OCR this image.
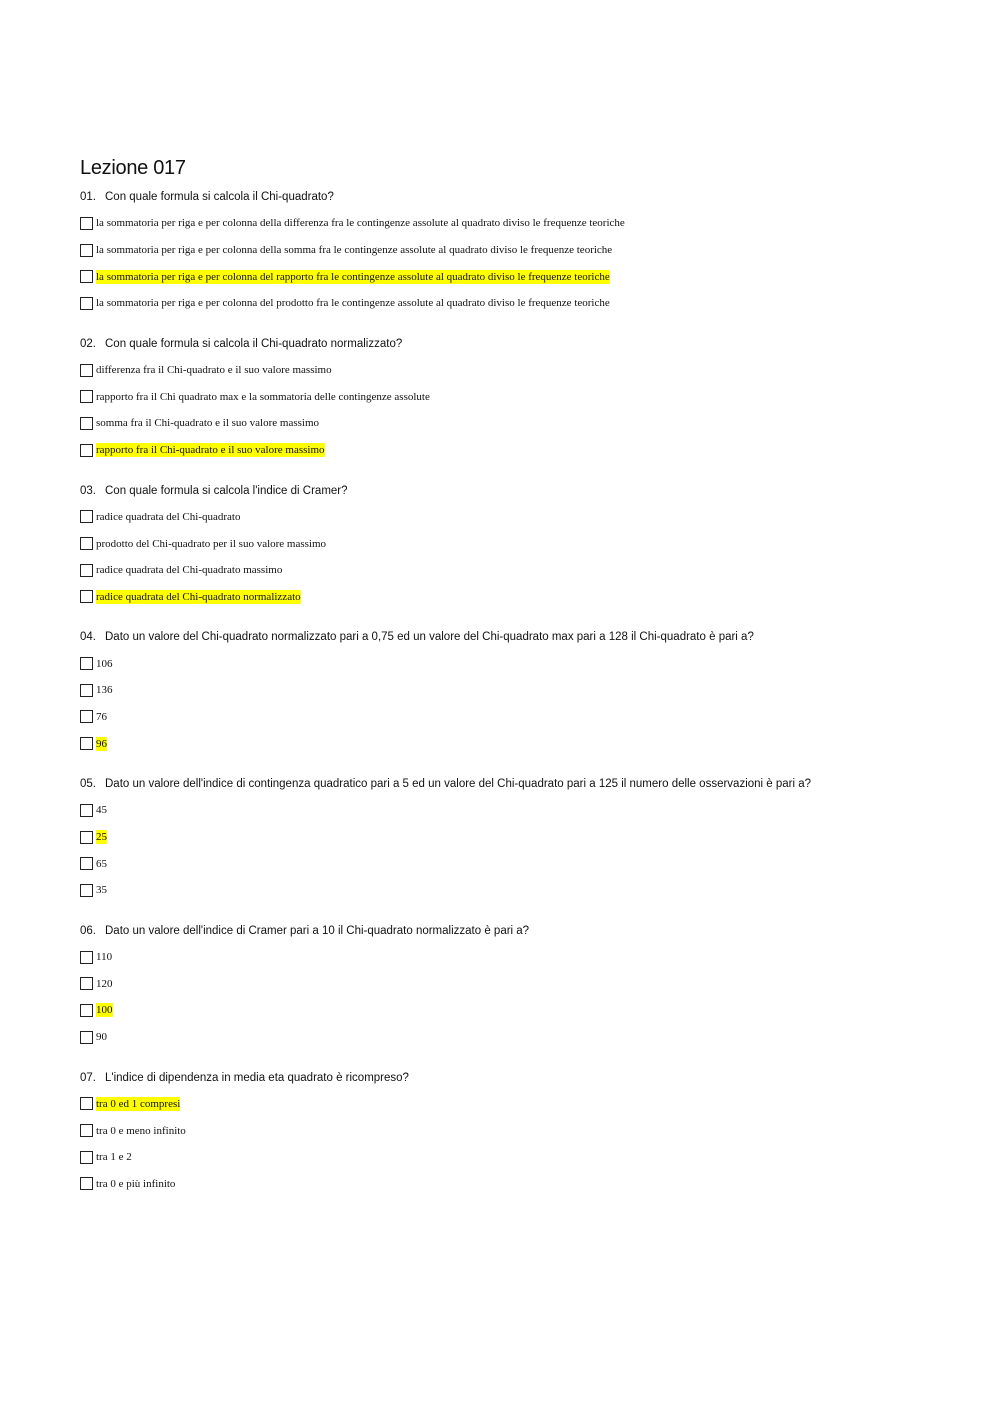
Lezione 017
01. Con quale formula si calcola il Chi-quadrato?
la sommatoria per riga e per colonna della differenza fra le contingenze assolute al quadrato diviso le frequenze teoriche
la sommatoria per riga e per colonna della somma fra le contingenze assolute al quadrato diviso le frequenze teoriche
la sommatoria per riga e per colonna del rapporto fra le contingenze assolute al quadrato diviso le frequenze teoriche
la sommatoria per riga e per colonna del prodotto fra le contingenze assolute al quadrato diviso le frequenze teoriche
02. Con quale formula si calcola il Chi-quadrato normalizzato?
differenza fra il Chi-quadrato e il suo valore massimo
rapporto fra il Chi quadrato max e la sommatoria delle contingenze assolute
somma fra il Chi-quadrato e il suo valore massimo
rapporto fra il Chi-quadrato e il suo valore massimo
03. Con quale formula si calcola l'indice di Cramer?
radice quadrata del Chi-quadrato
prodotto del Chi-quadrato per il suo valore massimo
radice quadrata del Chi-quadrato massimo
radice quadrata del Chi-quadrato normalizzato
04. Dato un valore del Chi-quadrato normalizzato pari a 0,75 ed un valore del Chi-quadrato max pari a 128 il Chi-quadrato è pari a?
106
136
76
96
05. Dato un valore dell'indice di contingenza quadratico pari a 5 ed un valore del Chi-quadrato pari a 125 il numero delle osservazioni è pari a?
45
25
65
35
06. Dato un valore dell'indice di Cramer pari a 10 il Chi-quadrato normalizzato è pari a?
110
120
100
90
07. L'indice di dipendenza in media eta quadrato è ricompreso?
tra 0 ed 1 compresi
tra 0 e meno infinito
tra 1 e 2
tra 0 e più infinito
